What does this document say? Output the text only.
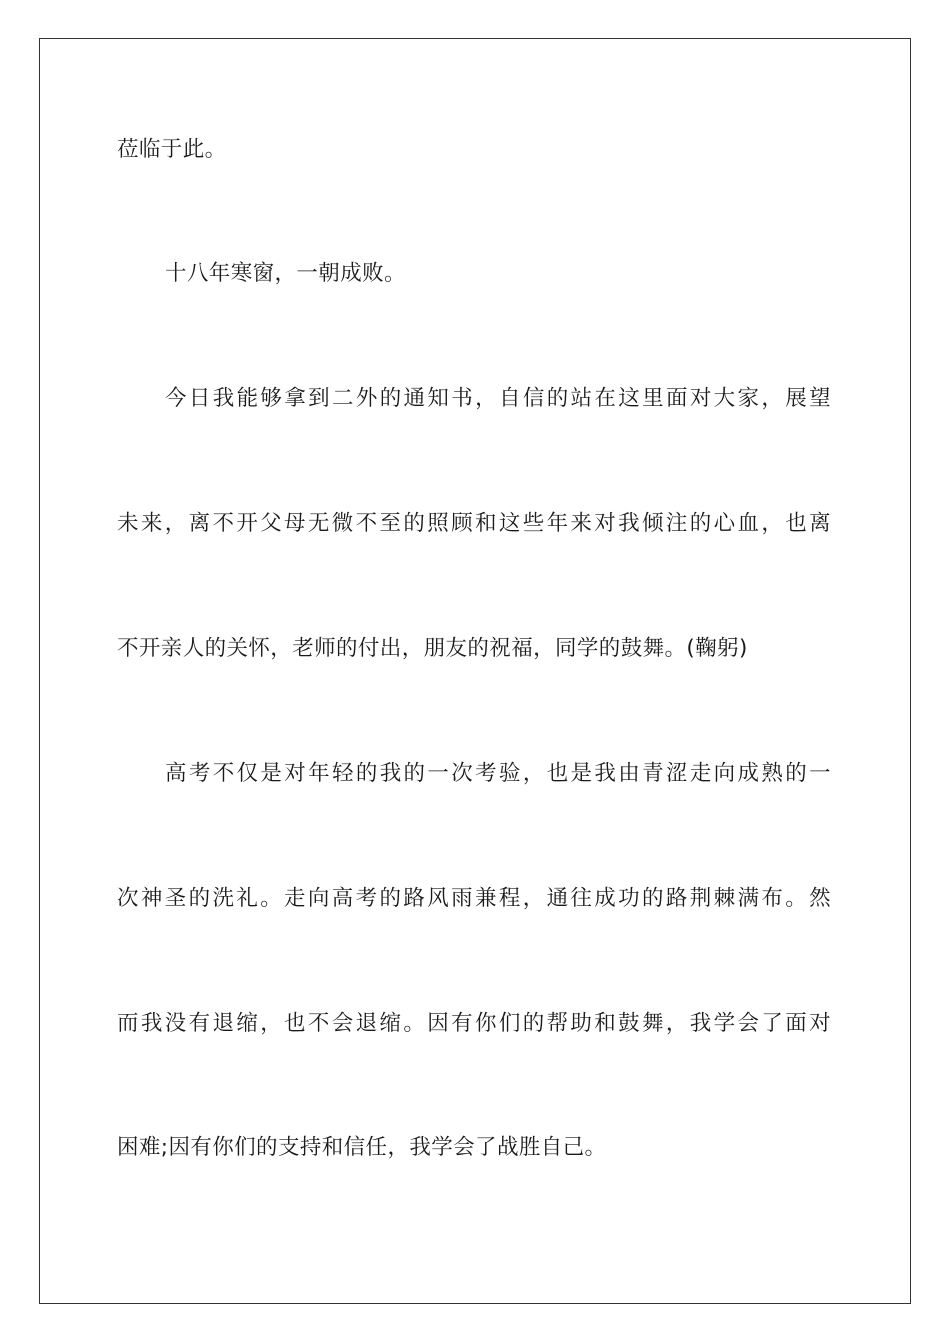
莅临于此。
十八年寒窗，一朝成败。
今日我能够拿到二外的通知书，自信的站在这里面对大家，展望
未来，离不开父母无微不至的照顾和这些年来对我倾注的心血，也离
不开亲人的关怀，老师的付出，朋友的祝福，同学的鼓舞。(鞠躬)
高考不仅是对年轻的我的一次考验，也是我由青涩走向成熟的一
次神圣的洗礼。走向高考的路风雨兼程，通往成功的路荆棘满布。然
而我没有退缩，也不会退缩。因有你们的帮助和鼓舞，我学会了面对
困难;因有你们的支持和信任，我学会了战胜自己。
